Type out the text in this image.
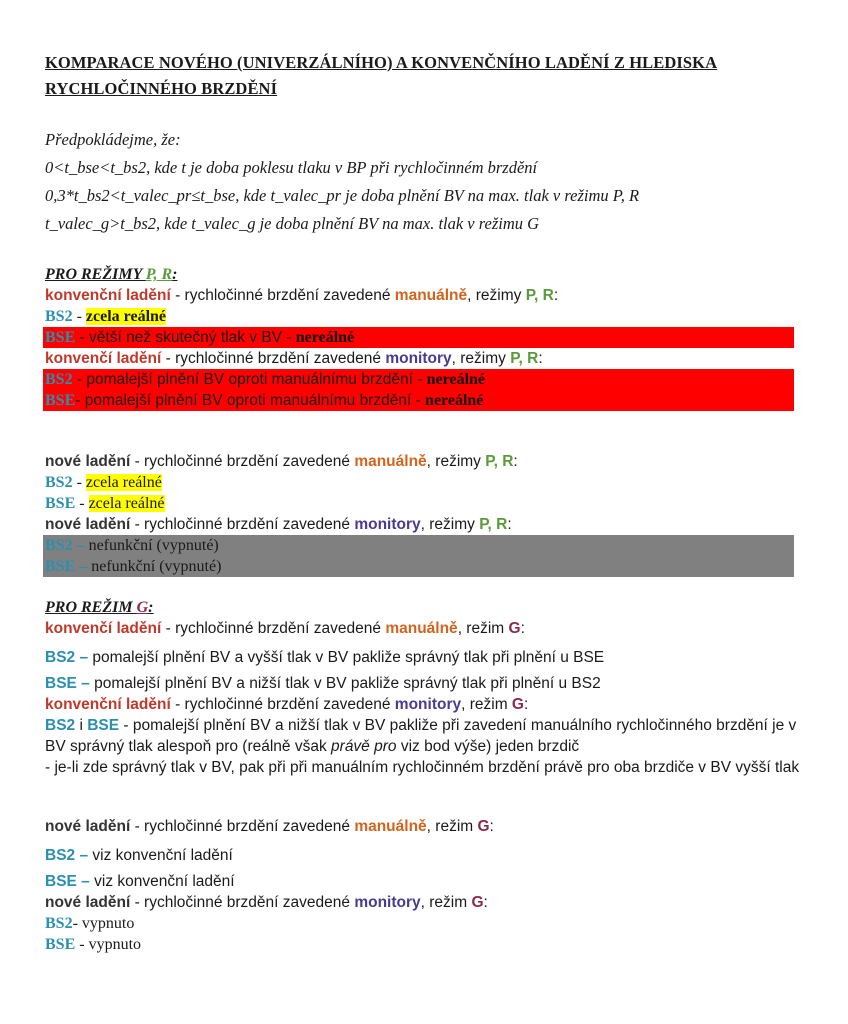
KOMPARACE NOVÉHO (UNIVERZÁLNÍHO) A KONVENČNÍHO LADĚNÍ Z HLEDISKA RYCHLOČINNÉHO BRZDĚNÍ
Předpokládejme, že:
0<t_bse<t_bs2, kde t je doba poklesu tlaku v BP při rychločinném brzdění
0,3*t_bs2<t_valec_pr≤t_bse, kde t_valec_pr je doba plnění BV na max. tlak v režimu P, R
t_valec_g>t_bs2, kde t_valec_g je doba plnění BV na max. tlak v režimu G
PRO REŽIMY P, R:
konvenční ladění - rychločinné brzdění zavedené manuálně, režimy P, R:
BS2 - zcela reálné
BSE - větší než skutečný tlak v BV - nereálné
konvenčí ladění - rychločinné brzdění zavedené monitory, režimy P, R:
BS2 - pomalejší plnění BV oproti manuálnímu brzdění - nereálné
BSE- pomalejší plnění BV oproti manuálnímu brzdění - nereálné
nové ladění - rychločinné brzdění zavedené manuálně, režimy P, R:
BS2 - zcela reálné
BSE - zcela reálné
nové ladění - rychločinné brzdění zavedené monitory, režimy P, R:
BS2 – nefunkční (vypnuté)
BSE – nefunkční (vypnuté)
PRO REŽIM G:
konvenčí ladění - rychločinné brzdění zavedené manuálně, režim G:
BS2 – pomalejší plnění BV a vyšší tlak v BV pakliže správný tlak při plnění u BSE
BSE – pomalejší plnění BV a nižší tlak v BV pakliže správný tlak při plnění u BS2
konvenční ladění - rychločinné brzdění zavedené monitory, režim G:
BS2 i BSE - pomalejší plnění BV a nižší tlak v BV pakliže při zavedení manuálního rychločinného brzdění je v BV správný tlak alespoň pro (reálně však právě pro viz bod výše) jeden brzdič
- je-li zde správný tlak v BV, pak při při manuálním rychločinném brzdění právě pro oba brzdiče v BV vyšší tlak
nové ladění - rychločinné brzdění zavedené manuálně, režim G:
BS2 – viz konvenční ladění
BSE – viz konvenční ladění
nové ladění - rychločinné brzdění zavedené monitory, režim G:
BS2- vypnuto
BSE - vypnuto
